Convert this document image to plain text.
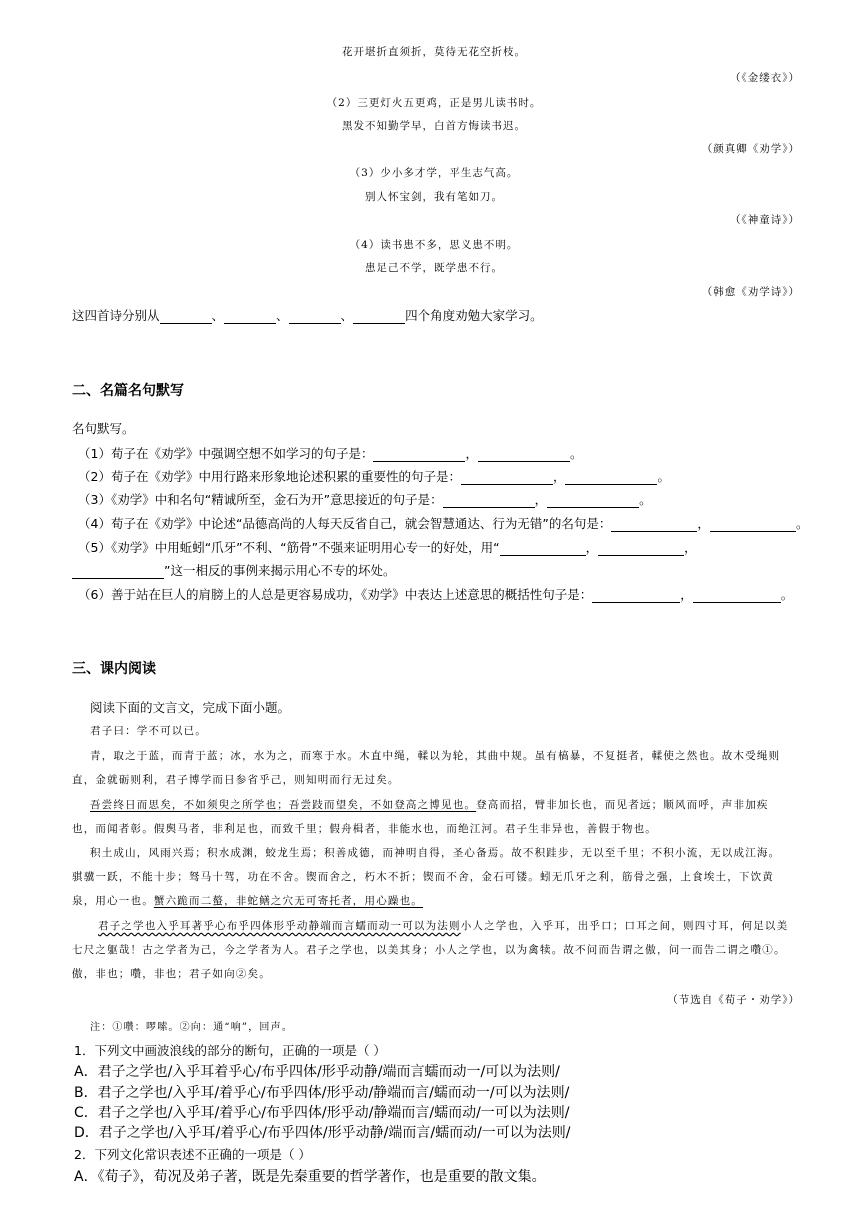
花开堪折直须折，莫待无花空折枝。
（《金缕衣》）
（2）三更灯火五更鸡，正是男儿读书时。
黑发不知勤学早，白首方悔读书迟。
（颜真卿《劝学》）
（3）少小多才学，平生志气高。
别人怀宝剑，我有笔如刀。
（《神童诗》）
（4）读书患不多，思义患不明。
患足己不学，既学患不行。
（韩愈《劝学诗》）
这四首诗分别从	、	、	、	四个角度劝勉大家学习。
二、名篇名句默写
名句默写。
（1）荀子在《劝学》中强调空想不如学习的句子是：	，	。
（2）荀子在《劝学》中用行路来形象地论述积累的重要性的句子是：	，	。
（3）《劝学》中和名句“精诚所至，金石为开”意思接近的句子是：	，	。
（4）荀子在《劝学》中论述“品德高尚的人每天反省自己，就会智慧通达、行为无错”的名句是：	，	。
（5）《劝学》中用蚯蚓“爪牙”不利、“筋骨”不强来证明用心专一的好处，用“	，	，
”这一相反的事例来揭示用心不专的坏处。
（6）善于站在巨人的肩膀上的人总是更容易成功，《劝学》中表达上述意思的概括性句子是：	，	。
三、课内阅读
阅读下面的文言文，完成下面小题。
君子曰：学不可以已。
青，取之于蓝，而青于蓝；冰，水为之，而寒于水。木直中绳，輮以为轮，其曲中规。虽有槁暴，不复挺者，輮使之然也。故木受绳则
直，金就砺则利，君子博学而日参省乎己，则知明而行无过矣。
吾尝终日而思矣，不如须臾之所学也；吾尝跂而望矣，不如登高之博见也。登高而招，臂非加长也，而见者远；顺风而呼，声非加疾
也，而闻者彰。假舆马者，非利足也，而致千里；假舟楫者，非能水也，而绝江河。君子生非异也，善假于物也。
积土成山，风雨兴焉；积水成渊，蛟龙生焉；积善成德，而神明自得，圣心备焉。故不积跬步，无以至千里；不积小流，无以成江海。
骐骥一跃，不能十步；驽马十驾，功在不舍。锲而舍之，朽木不折；锲而不舍，金石可镂。蚓无爪牙之利，筋骨之强，上食埃土，下饮黄
泉，用心一也。蟹六跪而二螯，非蛇鳝之穴无可寄托者，用心躁也。
君子之学也入乎耳著乎心布乎四体形乎动静端而言蠕而动一可以为法则小人之学也，入乎耳，出乎口；口耳之间，则四寸耳，何足以美
七尺之躯哉！古之学者为己，今之学者为人。君子之学也，以美其身；小人之学也，以为禽犊。故不问而告谓之傲，问一而告二谓之囋①。
傲，非也；囋，非也；君子如向②矣。
（节选自《荀子・劝学》）
注：①囋：啰嗦。②向：通“响”，回声。
1．下列文中画波浪线的部分的断句，正确的一项是（ ）
A．君子之学也/入乎耳着乎心/布乎四体/形乎动静/端而言蠕而动一/可以为法则/
B．君子之学也/入乎耳/着乎心/布乎四体/形乎动/静端而言/蠕而动一/可以为法则/
C．君子之学也/入乎耳/着乎心/布乎四体/形乎动/静端而言/蠕而动/一可以为法则/
D．君子之学也/入乎耳/着乎心/布乎四体/形乎动静/端而言/蠕而动/一可以为法则/
2．下列文化常识表述不正确的一项是（ ）
A．《荀子》，荀况及弟子著，既是先秦重要的哲学著作，也是重要的散文集。
